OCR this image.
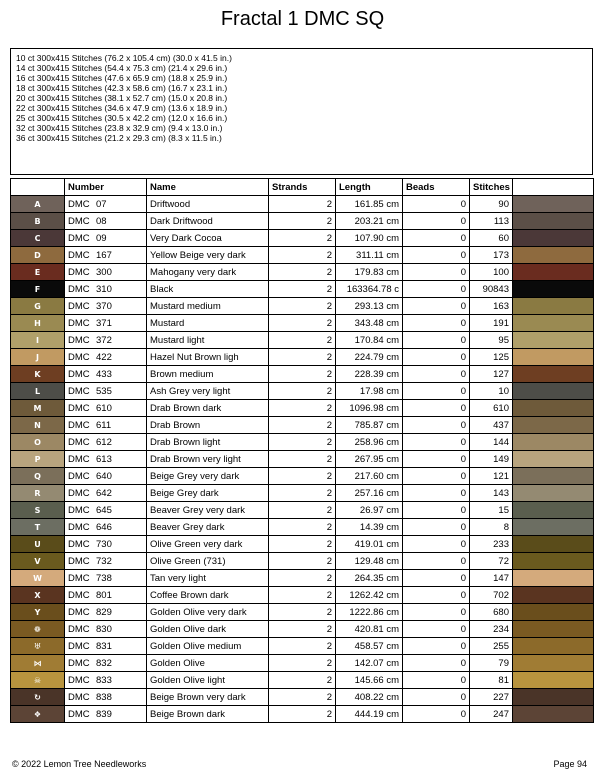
Fractal 1 DMC SQ
10 ct 300x415 Stitches (76.2 x 105.4 cm) (30.0 x 41.5 in.)
14 ct 300x415 Stitches (54.4 x 75.3 cm) (21.4 x 29.6 in.)
16 ct 300x415 Stitches (47.6 x 65.9 cm) (18.8 x 25.9 in.)
18 ct 300x415 Stitches (42.3 x 58.6 cm) (16.7 x 23.1 in.)
20 ct 300x415 Stitches (38.1 x 52.7 cm) (15.0 x 20.8 in.)
22 ct 300x415 Stitches (34.6 x 47.9 cm) (13.6 x 18.9 in.)
25 ct 300x415 Stitches (30.5 x 42.2 cm) (12.0 x 16.6 in.)
32 ct 300x415 Stitches (23.8 x 32.9 cm) (9.4 x 13.0 in.)
36 ct 300x415 Stitches (21.2 x 29.3 cm) (8.3 x 11.5 in.)
	Number	Name	Strands	Length	Beads	Stitches	
A	DMC 07	Driftwood	2	161.85 cm	0	90	
B	DMC 08	Dark Driftwood	2	203.21 cm	0	113	
C	DMC 09	Very Dark Cocoa	2	107.90 cm	0	60	
D	DMC 167	Yellow Beige very dark	2	311.11 cm	0	173	
E	DMC 300	Mahogany very dark	2	179.83 cm	0	100	
F	DMC 310	Black	2	163364.78 c	0	90843	
G	DMC 370	Mustard medium	2	293.13 cm	0	163	
H	DMC 371	Mustard	2	343.48 cm	0	191	
I	DMC 372	Mustard light	2	170.84 cm	0	95	
J	DMC 422	Hazel Nut Brown ligh	2	224.79 cm	0	125	
K	DMC 433	Brown medium	2	228.39 cm	0	127	
L	DMC 535	Ash Grey very light	2	17.98 cm	0	10	
M	DMC 610	Drab Brown dark	2	1096.98 cm	0	610	
N	DMC 611	Drab Brown	2	785.87 cm	0	437	
O	DMC 612	Drab Brown light	2	258.96 cm	0	144	
P	DMC 613	Drab Brown very light	2	267.95 cm	0	149	
Q	DMC 640	Beige Grey very dark	2	217.60 cm	0	121	
R	DMC 642	Beige Grey dark	2	257.16 cm	0	143	
S	DMC 645	Beaver Grey very dark	2	26.97 cm	0	15	
T	DMC 646	Beaver Grey dark	2	14.39 cm	0	8	
U	DMC 730	Olive Green very dark	2	419.01 cm	0	233	
V	DMC 732	Olive Green (731)	2	129.48 cm	0	72	
W	DMC 738	Tan very light	2	264.35 cm	0	147	
X	DMC 801	Coffee Brown dark	2	1262.42 cm	0	702	
Y	DMC 829	Golden Olive very dark	2	1222.86 cm	0	680	
❁	DMC 830	Golden Olive dark	2	420.81 cm	0	234	
♅	DMC 831	Golden Olive medium	2	458.57 cm	0	255	
⋈	DMC 832	Golden Olive	2	142.07 cm	0	79	
☠	DMC 833	Golden Olive light	2	145.66 cm	0	81	
↻	DMC 838	Beige Brown very dark	2	408.22 cm	0	227	
❖	DMC 839	Beige Brown dark	2	444.19 cm	0	247	
© 2022 Lemon Tree Needleworks	Page 94
